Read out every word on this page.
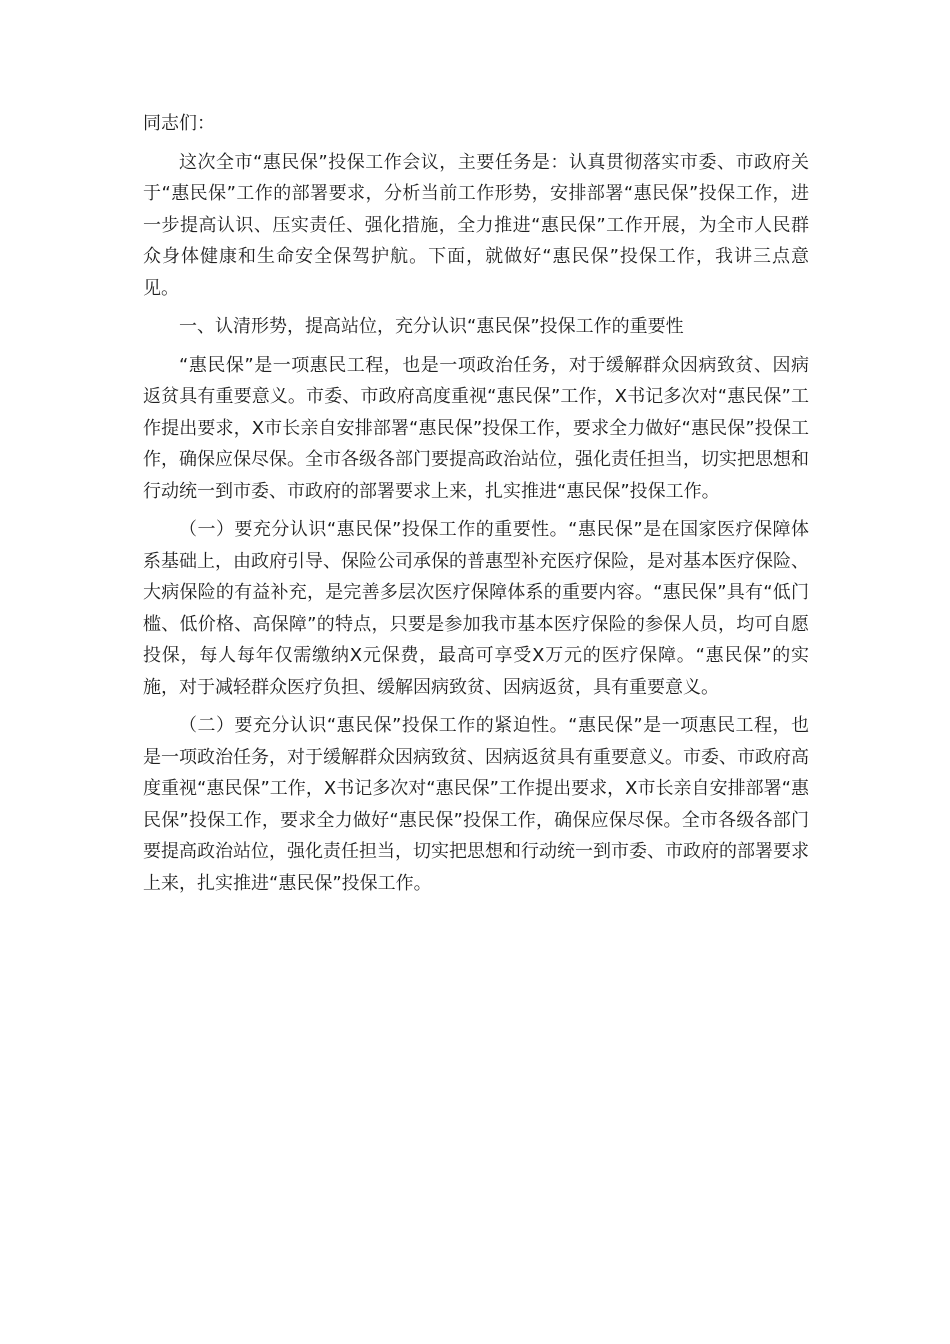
同志们：

这次全市“惠民保”投保工作会议，主要任务是：认真贯彻落实市委、市政府关于“惠民保”工作的部署要求，分析当前工作形势，安排部署“惠民保”投保工作，进一步提高认识、压实责任、强化措施，全力推进“惠民保”工作开展，为全市人民群众身体健康和生命安全保驾护航。下面，就做好“惠民保”投保工作，我讲三点意见。

一、认清形势，提高站位，充分认识“惠民保”投保工作的重要性

“惠民保”是一项惠民工程，也是一项政治任务，对于缓解群众因病致贫、因病返贫具有重要意义。市委、市政府高度重视“惠民保”工作，X书记多次对“惠民保”工作提出要求，X市长亲自安排部署“惠民保”投保工作，要求全力做好“惠民保”投保工作，确保应保尽保。全市各级各部门要提高政治站位，强化责任担当，切实把思想和行动统一到市委、市政府的部署要求上来，扎实推进“惠民保”投保工作。

（一）要充分认识“惠民保”投保工作的重要性。“惠民保”是在国家医疗保障体系基础上，由政府引导、保险公司承保的普惠型补充医疗保险，是对基本医疗保险、大病保险的有益补充，是完善多层次医疗保障体系的重要内容。“惠民保”具有“低门槛、低价格、高保障”的特点，只要是参加我市基本医疗保险的参保人员，均可自愿投保，每人每年仅需缴纳X元保费，最高可享受X万元的医疗保障。“惠民保”的实施，对于减轻群众医疗负担、缓解因病致贫、因病返贫，具有重要意义。

（二）要充分认识“惠民保”投保工作的紧迫性。“惠民保”是一项惠民工程，也是一项政治任务，对于缓解群众因病致贫、因病返贫具有重要意义。市委、市政府高度重视“惠民保”工作，X书记多次对“惠民保”工作提出要求，X市长亲自安排部署“惠民保”投保工作，要求全力做好“惠民保”投保工作，确保应保尽保。全市各级各部门要提高政治站位，强化责任担当，切实把思想和行动统一到市委、市政府的部署要求上来，扎实推进“惠民保”投保工作。
